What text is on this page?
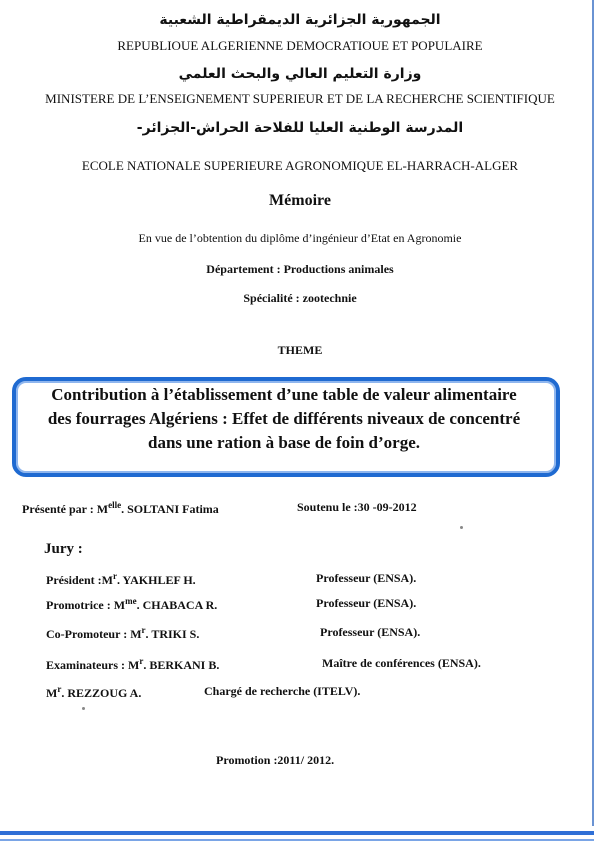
الجمهورية الجزائرية الديمقراطية الشعبية
REPUBLIOUE ALGERIENNE DEMOCRATIOUE ET POPULAIRE
وزارة التعليم العالي والبحث العلمي
MINISTERE DE L’ENSEIGNEMENT SUPERIEUR ET DE LA RECHERCHE SCIENTIFIQUE
المدرسة الوطنية العليا للفلاحة الحراش-الجزائر-
ECOLE NATIONALE SUPERIEURE AGRONOMIQUE EL-HARRACH-ALGER
Mémoire
En vue de l’obtention du diplôme d’ingénieur d’Etat en Agronomie
Département : Productions animales
Spécialité : zootechnie
THEME
Contribution à l’établissement d’une table de valeur alimentaire
des fourrages Algériens : Effet de différents niveaux de concentré
dans une ration à base de foin d’orge.
Présenté par : $M^{elle}$. SOLTANI Fatima	Soutenu le :30 -09-2012
Jury :
Président $:M^r$. YAKHLEF H.	Professeur (ENSA).
Promotrice : $M^{me}$. CHABACA R.	Professeur (ENSA).
Co-Promoteur : $M^r$. TRIKI S.	Professeur (ENSA).
Examinateurs : $M^r$. BERKANI B.	Maître de conférences (ENSA).
$M^r$. REZZOUG A.	Chargé de recherche (ITELV).
Promotion :2011/ 2012.
